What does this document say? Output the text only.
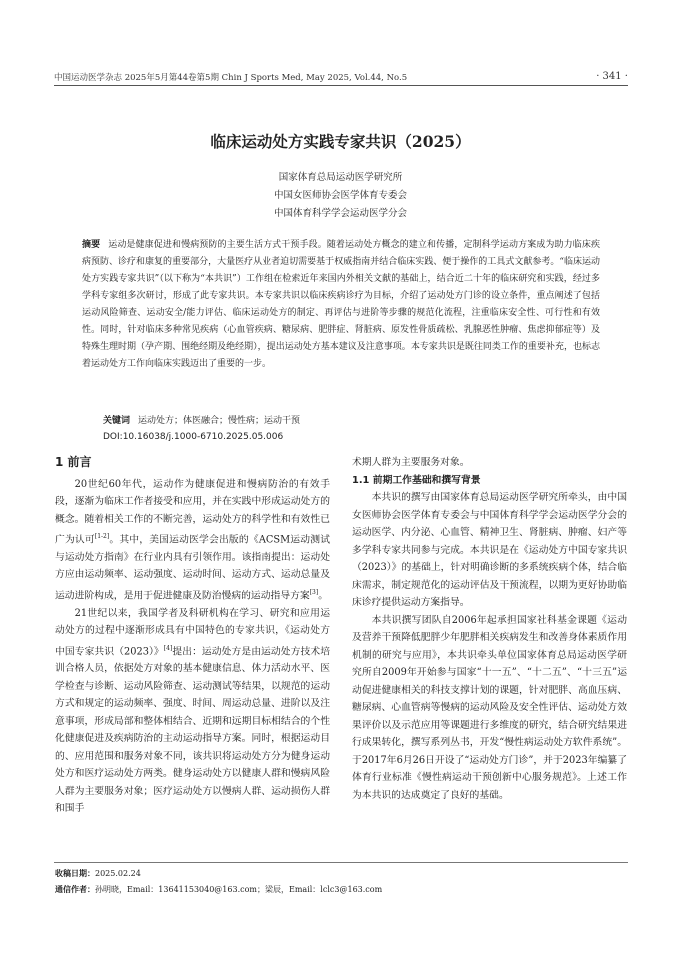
中国运动医学杂志 2025年5月第44卷第5期 Chin J Sports Med, May 2025, Vol.44, No.5	· 341 ·
临床运动处方实践专家共识（2025）
国家体育总局运动医学研究所
中国女医师协会医学体育专委会
中国体育科学学会运动医学分会
摘要 运动是健康促进和慢病预防的主要生活方式干预手段。随着运动处方概念的建立和传播，定制科学运动方案成为助力临床疾病预防、诊疗和康复的重要部分，大量医疗从业者迫切需要基于权威指南并结合临床实践、便于操作的工具式文献参考。“临床运动处方实践专家共识”（以下称为“本共识”）工作组在检索近年来国内外相关文献的基础上，结合近二十年的临床研究和实践，经过多学科专家组多次研讨，形成了此专家共识。本专家共识以临床疾病诊疗为目标，介绍了运动处方门诊的设立条件，重点阐述了包括运动风险筛查、运动安全/能力评估、临床运动处方的制定、再评估与进阶等步骤的规范化流程，注重临床安全性、可行性和有效性。同时，针对临床多种常见疾病（心血管疾病、糖尿病、肥胖症、肾脏病、原发性骨质疏松、乳腺恶性肿瘤、焦虑抑郁症等）及特殊生理时期（孕产期、围绝经期及绝经期），提出运动处方基本建议及注意事项。本专家共识是既往同类工作的重要补充，也标志着运动处方工作向临床实践迈出了重要的一步。
关键词 运动处方；体医融合；慢性病；运动干预
DOI:10.16038/j.1000-6710.2025.05.006
1 前言

20世纪60年代，运动作为健康促进和慢病防治的有效手段，逐渐为临床工作者接受和应用，并在实践中形成运动处方的概念。随着相关工作的不断完善，运动处方的科学性和有效性已广为认可[1-2]。其中，美国运动医学会出版的《ACSM运动测试与运动处方指南》在行业内具有引领作用。该指南提出：运动处方应由运动频率、运动强度、运动时间、运动方式、运动总量及运动进阶构成，是用于促进健康及防治慢病的运动指导方案[3]。

21世纪以来，我国学者及科研机构在学习、研究和应用运动处方的过程中逐渐形成具有中国特色的专家共识，《运动处方中国专家共识（2023）》[4]提出：运动处方是由运动处方技术培训合格人员，依据处方对象的基本健康信息、体力活动水平、医学检查与诊断、运动风险筛查、运动测试等结果，以规范的运动方式和规定的运动频率、强度、时间、周运动总量、进阶以及注意事项，形成局部和整体相结合、近期和远期目标相结合的个性化健康促进及疾病防治的主动运动指导方案。同时，根据运动目的、应用范围和服务对象不同，该共识将运动处方分为健身运动处方和医疗运动处方两类。健身运动处方以健康人群和慢病风险人群为主要服务对象；医疗运动处方以慢病人群、运动损伤人群和围手

术期人群为主要服务对象。

1.1 前期工作基础和撰写背景

本共识的撰写由国家体育总局运动医学研究所牵头，由中国女医师协会医学体育专委会与中国体育科学学会运动医学分会的运动医学、内分泌、心血管、精神卫生、肾脏病、肿瘤、妇产等多学科专家共同参与完成。本共识是在《运动处方中国专家共识（2023）》的基础上，针对明确诊断的多系统疾病个体，结合临床需求，制定规范化的运动评估及干预流程，以期为更好协助临床诊疗提供运动方案指导。

本共识撰写团队自2006年起承担国家社科基金课题《运动及营养干预降低肥胖少年肥胖相关疾病发生和改善身体素质作用机制的研究与应用》，本共识牵头单位国家体育总局运动医学研究所自2009年开始参与国家“十一五”、“十二五”、“十三五”运动促进健康相关的科技支撑计划的课题，针对肥胖、高血压病、糖尿病、心血管病等慢病的运动风险及安全性评估、运动处方效果评价以及示范应用等课题进行多维度的研究，结合研究结果进行成果转化，撰写系列丛书，开发“慢性病运动处方软件系统”。于2017年6月26日开设了“运动处方门诊”，并于2023年编纂了体育行业标准《慢性病运动干预创新中心服务规范》。上述工作为本共识的达成奠定了良好的基础。

收稿日期：2025.02.24
通信作者：孙明晓，Email：13641153040@163.com；梁辰，Email：lclc3@163.com
